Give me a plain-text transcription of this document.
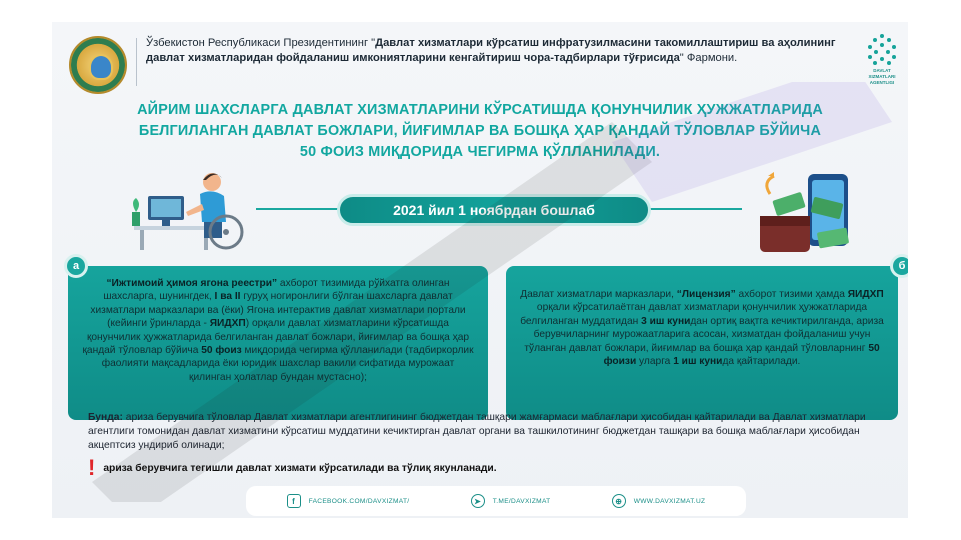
Ўзбекистон Республикаси Президентининг "Давлат хизматлари кўрсатиш инфратузилмасини такомиллаштириш ва аҳолининг давлат хизматларидан фойдаланиш имкониятларини кенгайтириш чора-тадбирлари тўғрисида" Фармони.
DAVLAT XIZMATLARI AGENTLIGI
АЙРИМ ШАХСЛАРГА ДАВЛАТ ХИЗМАТЛАРИНИ КЎРСАТИШДА ҚОНУНЧИЛИК ҲУЖЖАТЛАРИДА
БЕЛГИЛАНГАН ДАВЛАТ БОЖЛАРИ, ЙИҒИМЛАР ВА БОШҚА ҲАР ҚАНДАЙ ТЎЛОВЛАР БЎЙИЧА
50 ФОИЗ МИҚДОРИДА ЧЕГИРМА ҚЎЛЛАНИЛАДИ.
2021 йил 1 ноябрдан бошлаб
“Ижтимоий ҳимоя ягона реестри” ахборот тизимида рўйхатга олинган шахсларга, шунингдек, I ва II гуруҳ ногиронлиги бўлган шахсларга давлат хизматлари марказлари ва (ёки) Ягона интерактив давлат хизматлари портали (кейинги ўринларда - ЯИДХП) орқали давлат хизматларини кўрсатишда қонунчилик ҳужжатларида белгиланган давлат божлари, йиғимлар ва бошқа ҳар қандай тўловлар бўйича 50 фоиз миқдорида чегирма қўлланилади (тадбиркорлик фаолияти мақсадларида ёки юридик шахслар вакили сифатида мурожаат қилинган ҳолатлар бундан мустасно);
а
Давлат хизматлари марказлари, “Лицензия” ахборот тизими ҳамда ЯИДХП орқали кўрсатилаётган давлат хизматлари қонунчилик ҳужжатларида белгиланган муддатидан 3 иш кунидан ортиқ вақтга кечиктирилганда, ариза берувчиларнинг мурожаатларига асосан, хизматдан фойдаланиш учун тўланган давлат божлари, йиғимлар ва бошқа ҳар қандай тўловларнинг 50 фоизи уларга 1 иш кунида қайтарилади.
б
Бунда: ариза берувчига тўловлар Давлат хизматлари агентлигининг бюджетдан ташқари жамғармаси маблағлари ҳисобидан қайтарилади ва Давлат хизматлари агентлиги томонидан давлат хизматини кўрсатиш муддатини кечиктирган давлат органи ва ташкилотининг бюджетдан ташқари ва бошқа маблағлари ҳисобидан акцептсиз ундириб олинади;
! ариза берувчига тегишли давлат хизмати кўрсатилади ва тўлиқ якунланади.
f	FACEBOOK.COM/DAVXIZMAT/	➤	T.ME/DAVXIZMAT	⊕	WWW.DAVXIZMAT.UZ
